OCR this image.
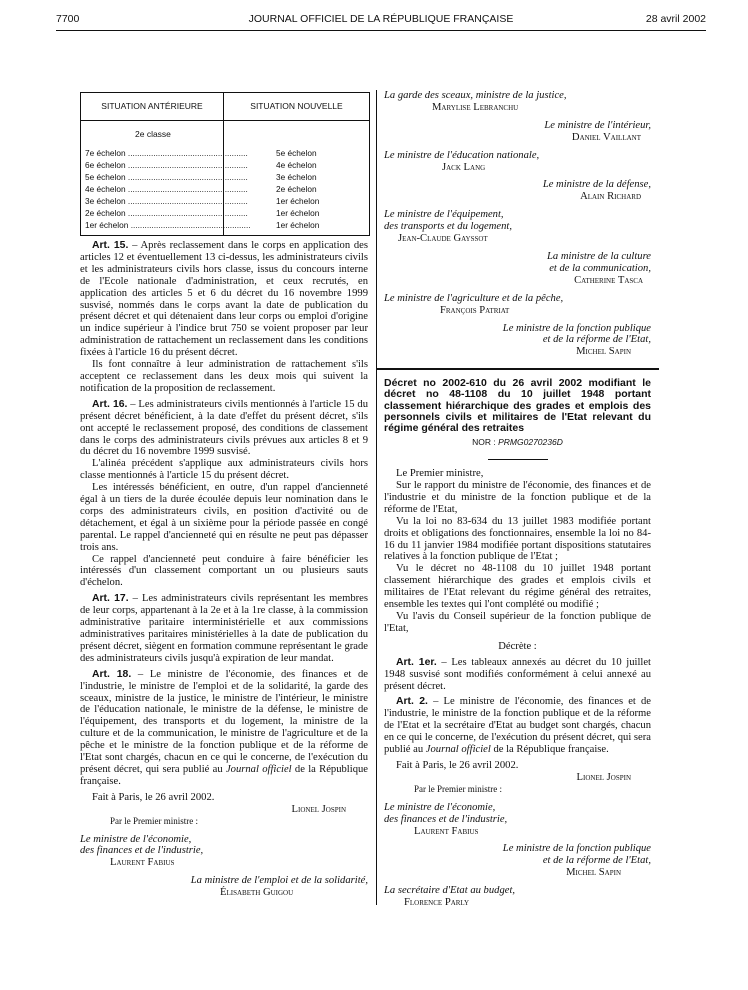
7700	JOURNAL OFFICIEL DE LA RÉPUBLIQUE FRANÇAISE	28 avril 2002
SITUATION ANTÉRIEURE	SITUATION NOUVELLE
2e classe
7e échelon ....................................................	5e échelon
6e échelon ....................................................	4e échelon
5e échelon ....................................................	3e échelon
4e échelon ....................................................	2e échelon
3e échelon ....................................................	1er échelon
2e échelon ....................................................	1er échelon
1er échelon ....................................................	1er échelon

Art. 15. – Après reclassement dans le corps en application des articles 12 et éventuellement 13 ci-dessus, les administrateurs civils et les administrateurs civils hors classe, issus du concours interne de l'Ecole nationale d'administration, et ceux recrutés, en application des articles 5 et 6 du décret du 16 novembre 1999 susvisé, nommés dans le corps avant la date de publication du présent décret et qui détenaient dans leur corps ou emploi d'origine un indice supérieur à l'indice brut 750 se voient proposer par leur administration de rattachement un reclassement dans les conditions fixées à l'article 16 du présent décret.

Ils font connaître à leur administration de rattachement s'ils acceptent ce reclassement dans les deux mois qui suivent la notification de la proposition de reclassement.

Art. 16. – Les administrateurs civils mentionnés à l'article 15 du présent décret bénéficient, à la date d'effet du présent décret, s'ils ont accepté le reclassement proposé, des conditions de classement dans le corps des administrateurs civils prévues aux articles 8 et 9 du décret du 16 novembre 1999 susvisé.

L'alinéa précédent s'applique aux administrateurs civils hors classe mentionnés à l'article 15 du présent décret.

Les intéressés bénéficient, en outre, d'un rappel d'ancienneté égal à un tiers de la durée écoulée depuis leur nomination dans le corps des administrateurs civils, en position d'activité ou de détachement, et égal à un sixième pour la période passée en congé parental. Le rappel d'ancienneté qui en résulte ne peut pas dépasser trois ans.

Ce rappel d'ancienneté peut conduire à faire bénéficier les intéressés d'un classement comportant un ou plusieurs sauts d'échelon.

Art. 17. – Les administrateurs civils représentant les membres de leur corps, appartenant à la 2e et à la 1re classe, à la commission administrative paritaire interministérielle et aux commissions administratives paritaires ministérielles à la date de publication du présent décret, siègent en formation commune représentant le grade des administrateurs civils jusqu'à expiration de leur mandat.

Art. 18. – Le ministre de l'économie, des finances et de l'industrie, le ministre de l'emploi et de la solidarité, la garde des sceaux, ministre de la justice, le ministre de l'intérieur, le ministre de l'éducation nationale, le ministre de la défense, le ministre de l'équipement, des transports et du logement, la ministre de la culture et de la communication, le ministre de l'agriculture et de la pêche et le ministre de la fonction publique et de la réforme de l'Etat sont chargés, chacun en ce qui le concerne, de l'exécution du présent décret, qui sera publié au Journal officiel de la République française.

Fait à Paris, le 26 avril 2002.

Lionel Jospin

Par le Premier ministre :

Le ministre de l'économie,

des finances et de l'industrie,

Laurent Fabius

La ministre de l'emploi et de la solidarité,

Élisabeth Guigou

La garde des sceaux, ministre de la justice,

Marylise Lebranchu

Le ministre de l'intérieur,

Daniel Vaillant

Le ministre de l'éducation nationale,

Jack Lang

Le ministre de la défense,

Alain Richard

Le ministre de l'équipement,

des transports et du logement,

Jean-Claude Gayssot

La ministre de la culture

et de la communication,

Catherine Tasca

Le ministre de l'agriculture et de la pêche,

François Patriat

Le ministre de la fonction publique

et de la réforme de l'Etat,

Michel Sapin

Décret no 2002-610 du 26 avril 2002 modifiant le décret no 48-1108 du 10 juillet 1948 portant classement hiérarchique des grades et emplois des personnels civils et militaires de l'Etat relevant du régime général des retraites

NOR : PRMG0270236D

Le Premier ministre,

Sur le rapport du ministre de l'économie, des finances et de l'industrie et du ministre de la fonction publique et de la réforme de l'Etat,

Vu la loi no 83-634 du 13 juillet 1983 modifiée portant droits et obligations des fonctionnaires, ensemble la loi no 84-16 du 11 janvier 1984 modifiée portant dispositions statutaires relatives à la fonction publique de l'Etat ;

Vu le décret no 48-1108 du 10 juillet 1948 portant classement hiérarchique des grades et emplois civils et militaires de l'Etat relevant du régime général des retraites, ensemble les textes qui l'ont complété ou modifié ;

Vu l'avis du Conseil supérieur de la fonction publique de l'Etat,

Décrète :

Art. 1er. – Les tableaux annexés au décret du 10 juillet 1948 susvisé sont modifiés conformément à celui annexé au présent décret.

Art. 2. – Le ministre de l'économie, des finances et de l'industrie, le ministre de la fonction publique et de la réforme de l'Etat et la secrétaire d'Etat au budget sont chargés, chacun en ce qui le concerne, de l'exécution du présent décret, qui sera publié au Journal officiel de la République française.

Fait à Paris, le 26 avril 2002.

Lionel Jospin

Par le Premier ministre :

Le ministre de l'économie,

des finances et de l'industrie,

Laurent Fabius

Le ministre de la fonction publique

et de la réforme de l'Etat,

Michel Sapin

La secrétaire d'Etat au budget,

Florence Parly
